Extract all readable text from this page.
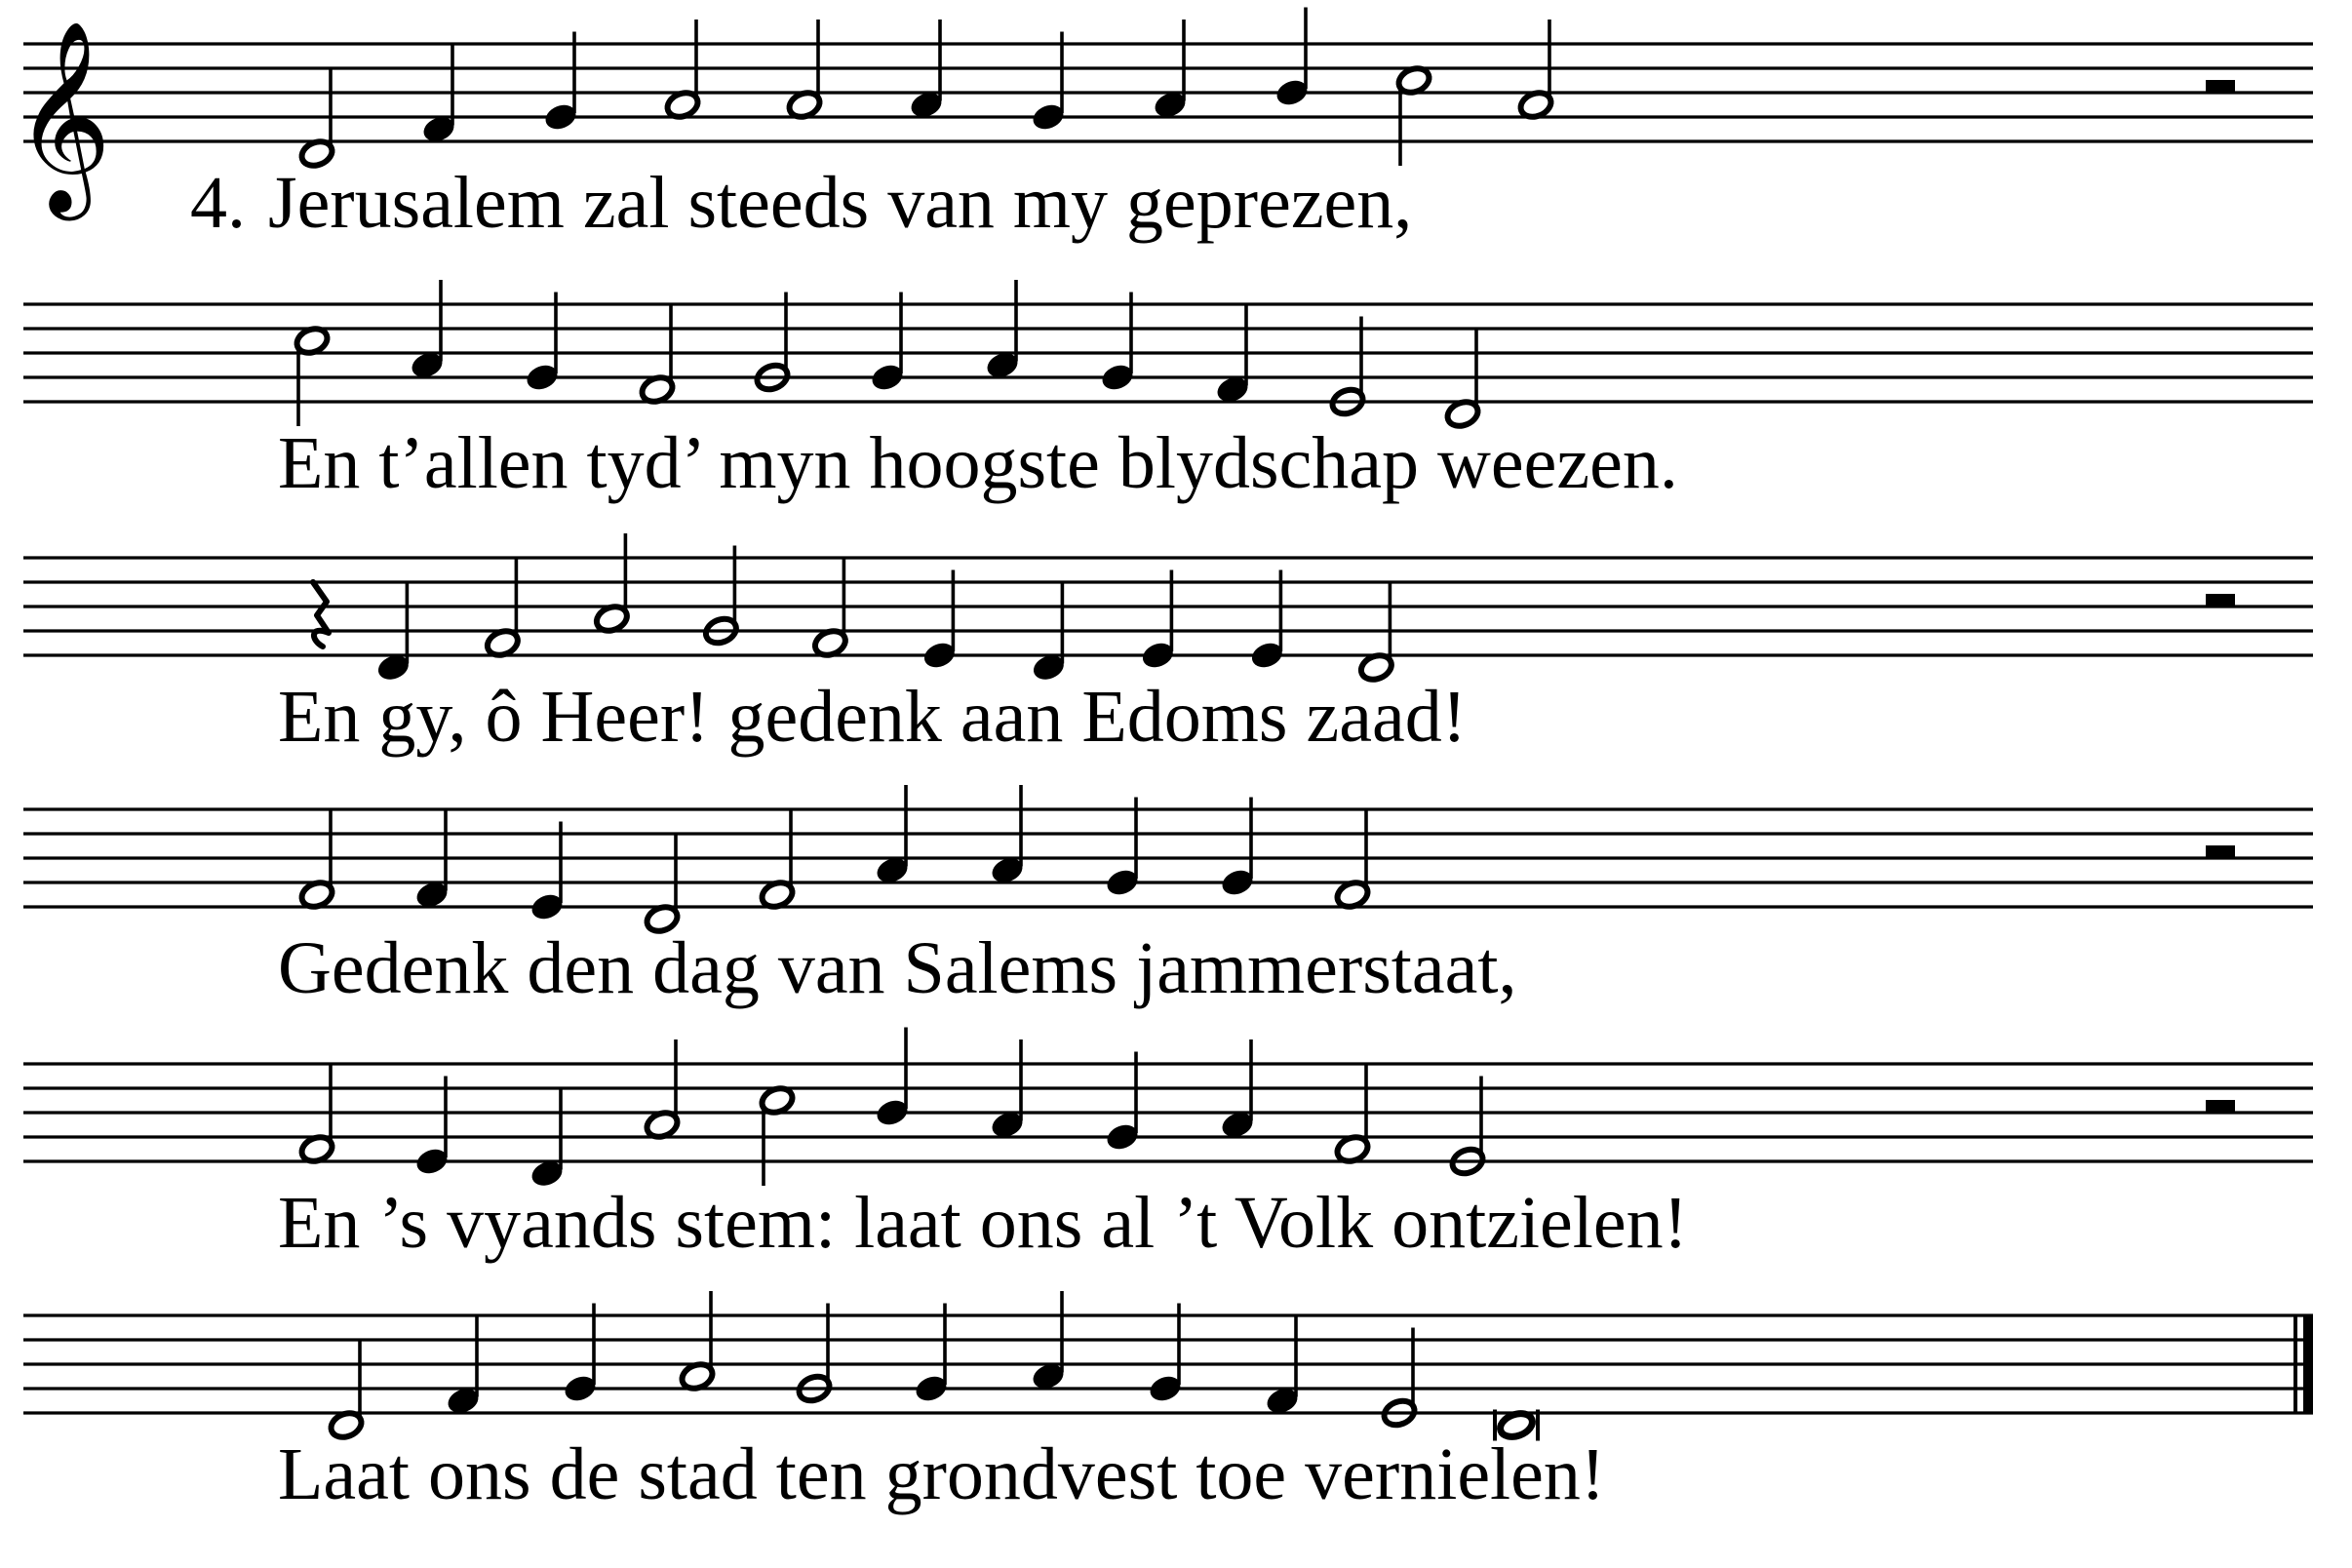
𝄞 4. Jerusalem zal steeds van my geprezen,
En t’allen tyd’ myn hoogste blydschap weezen.
En gy, ô Heer! gedenk aan Edoms zaad!
Gedenk den dag van Salems jammerstaat,
En ’s vyands stem: laat ons al ’t Volk ontzielen!
Laat ons de stad ten grondvest toe vernielen!
